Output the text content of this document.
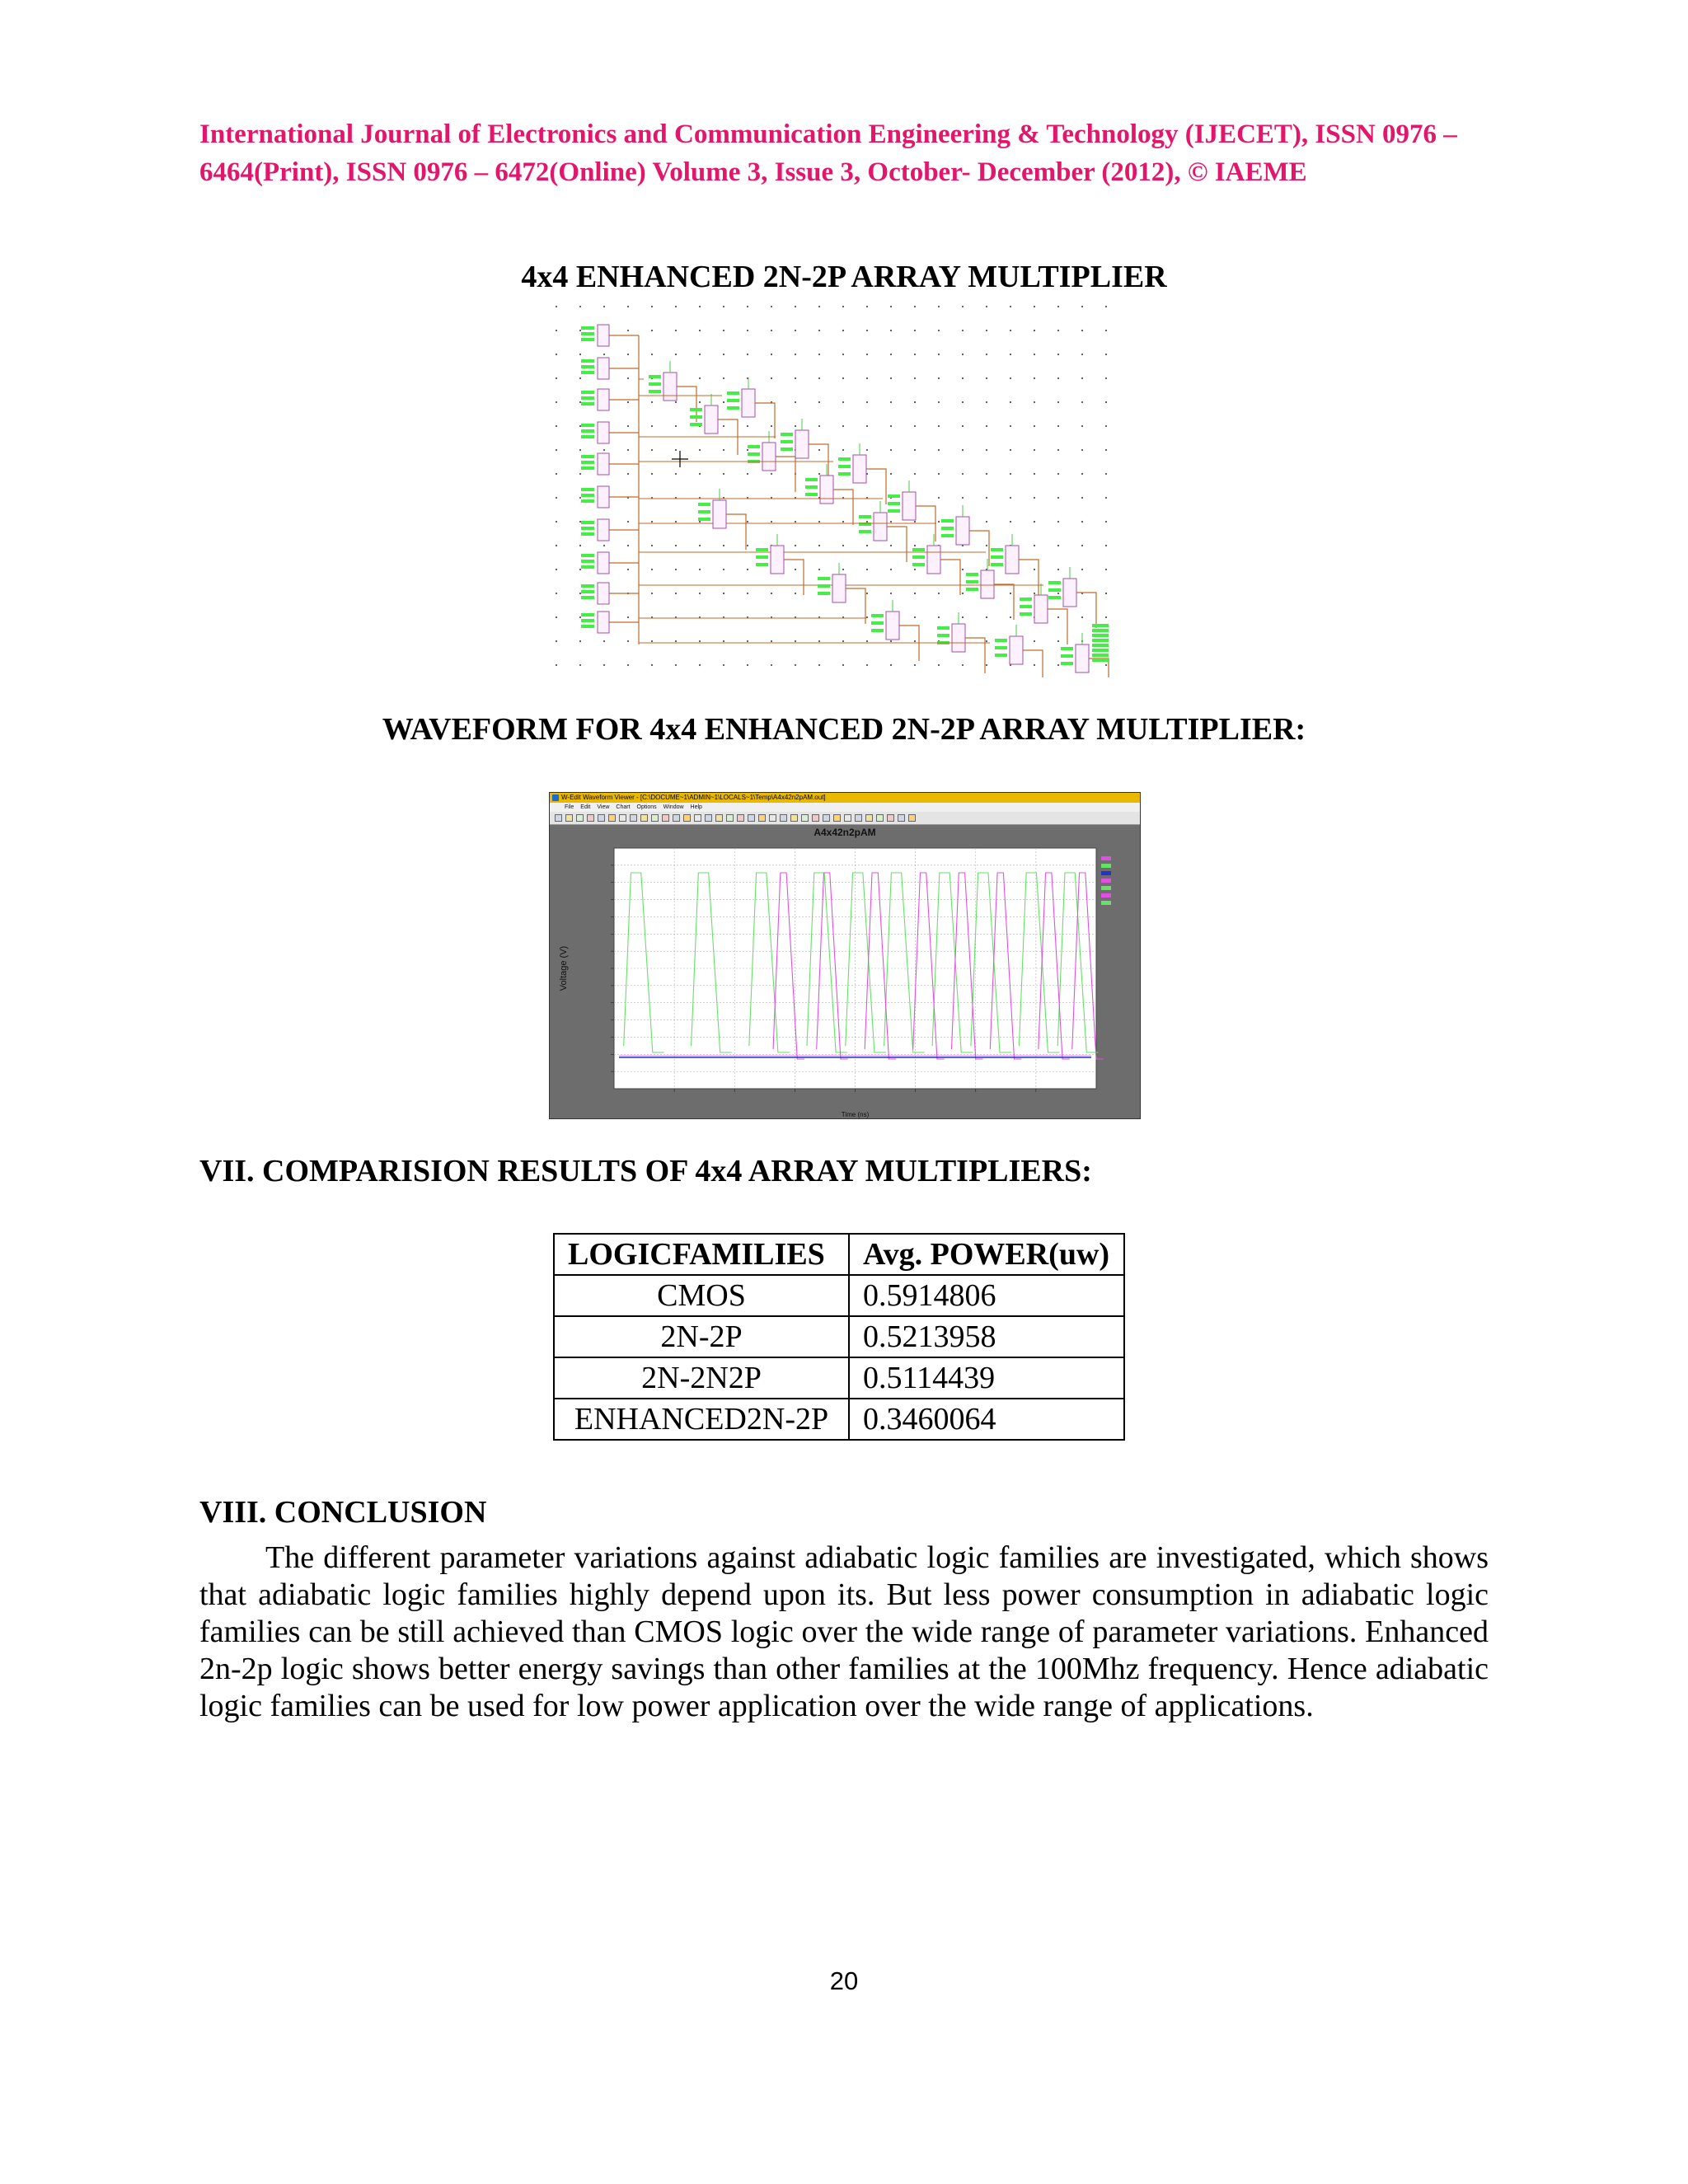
International Journal of Electronics and Communication Engineering & Technology (IJECET), ISSN 0976 –
6464(Print), ISSN 0976 – 6472(Online) Volume 3, Issue 3, October- December (2012), © IAEME
4x4 ENHANCED 2N-2P ARRAY MULTIPLIER
WAVEFORM FOR 4x4 ENHANCED 2N-2P ARRAY MULTIPLIER:
W-Edit Waveform Viewer - [C:\DOCUME~1\ADMIN~1\LOCALS~1\Temp\A4x42n2pAM.out]
File Edit View Chart Options Window Help
Voltage (V)
Time (ns)
A4x42n2pAM
VII. COMPARISION RESULTS OF 4x4 ARRAY MULTIPLIERS:
LOGICFAMILIES	Avg. POWER(uw)
CMOS	0.5914806
2N-2P	0.5213958
2N-2N2P	0.5114439
ENHANCED2N-2P	0.3460064
VIII. CONCLUSION
The different parameter variations against adiabatic logic families are investigated, which shows that adiabatic logic families highly depend upon its. But less power consumption in adiabatic logic families can be still achieved than CMOS logic over the wide range of parameter variations. Enhanced 2n-2p logic shows better energy savings than other families at the 100Mhz frequency. Hence adiabatic logic families can be used for low power application over the wide range of applications.
20
